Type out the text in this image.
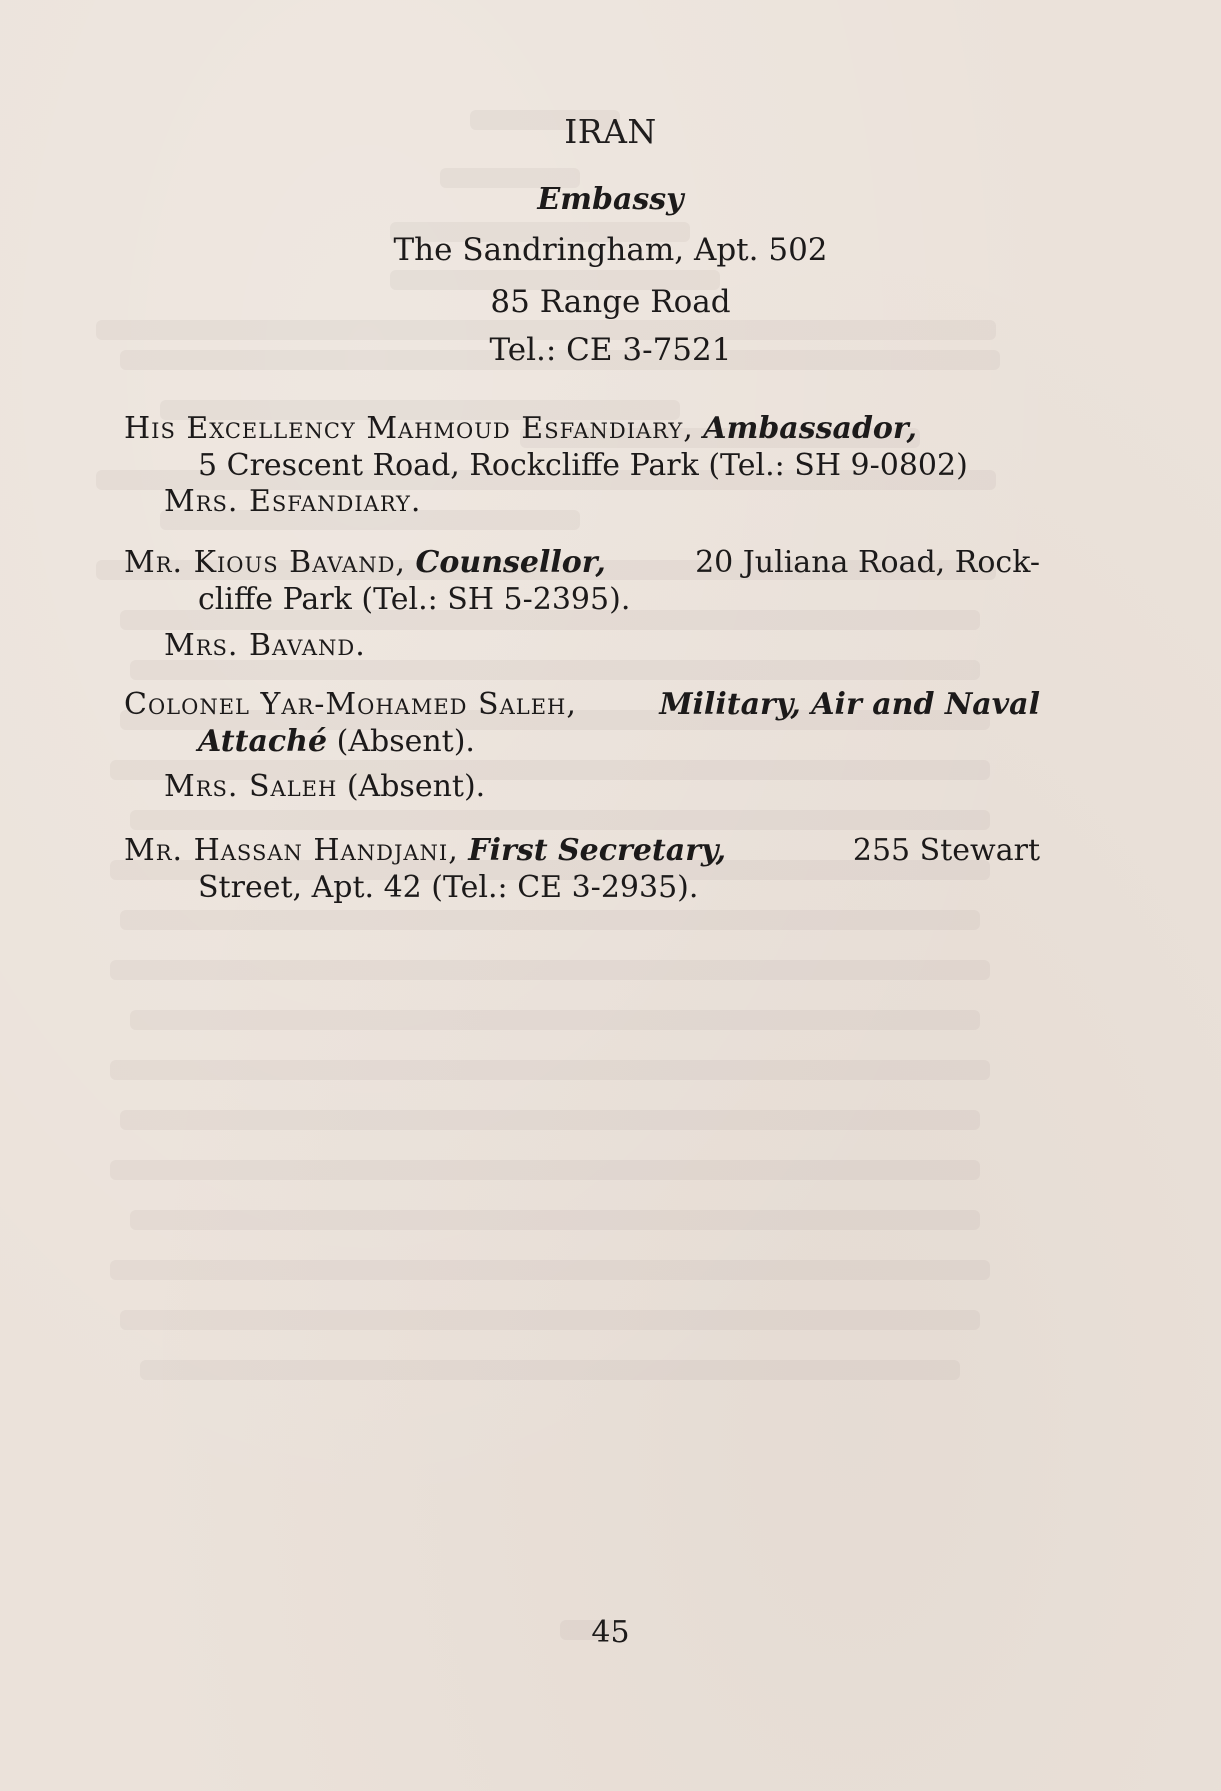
IRAN
Embassy
The Sandringham, Apt. 502
85 Range Road
Tel.: CE 3-7521
His Excellency Mahmoud Esfandiary, Ambassador,
5 Crescent Road, Rockcliffe Park (Tel.: SH 9-0802)
Mrs. Esfandiary.
Mr. Kious Bavand, Counsellor,	20 Juliana Road, Rock-
cliffe Park (Tel.: SH 5-2395).
Mrs. Bavand.
Colonel Yar-Mohamed Saleh,	Military, Air and Naval
Attaché (Absent).
Mrs. Saleh (Absent).
Mr. Hassan Handjani, First Secretary,	255 Stewart
Street, Apt. 42 (Tel.: CE 3-2935).
45
